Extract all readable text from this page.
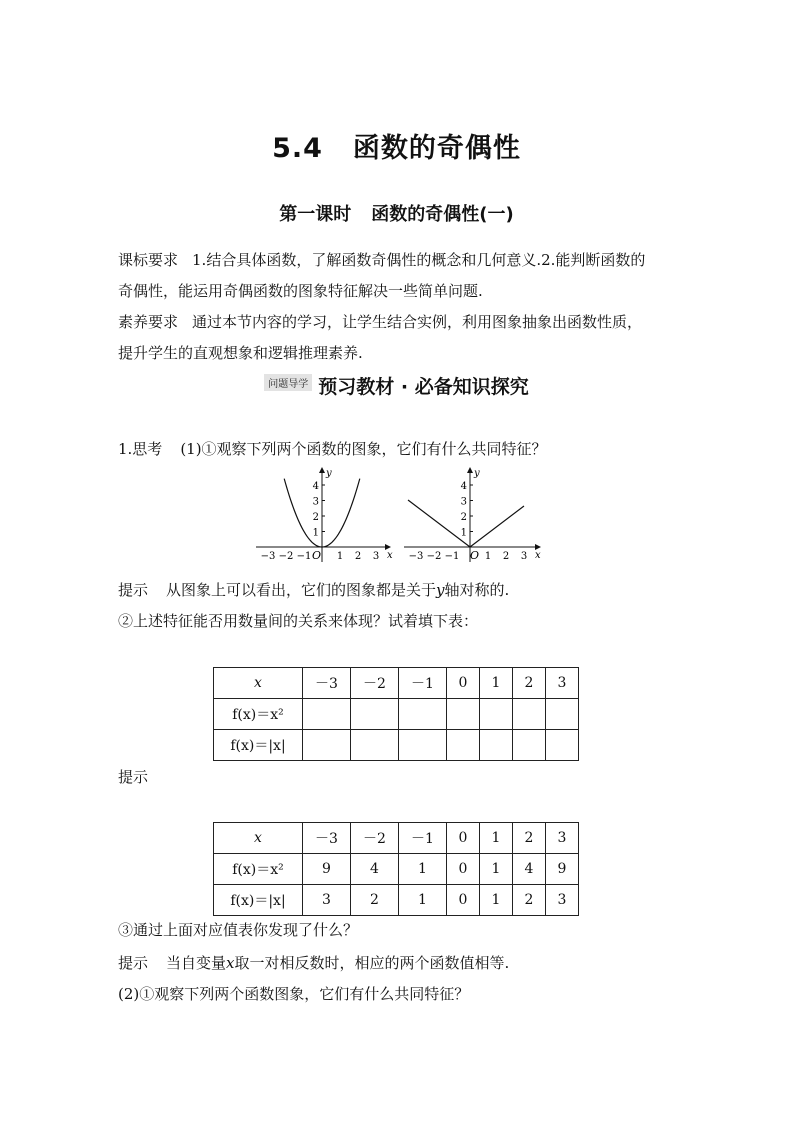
5.4 函数的奇偶性
第一课时 函数的奇偶性(一)
课标要求 1.结合具体函数，了解函数奇偶性的概念和几何意义.2.能判断函数的
奇偶性，能运用奇偶函数的图象特征解决一些简单问题.
素养要求 通过本节内容的学习，让学生结合实例，利用图象抽象出函数性质，
提升学生的直观想象和逻辑推理素养.
问题导学 预习教材 · 必备知识探究
1.思考 (1)①观察下列两个函数的图象，它们有什么共同特征？
−3 −2 −1	1 2 3
1
2
3
4
x
y
O	−3 −2 −1	1 2 3
1
2
3
4
x
y
O
提示 从图象上可以看出，它们的图象都是关于y轴对称的.
②上述特征能否用数量间的关系来体现？试着填下表：
x	－3	－2	－1	0	1	2	3
f(x)＝x²							
f(x)＝|x|							
提示
x	－3	－2	－1	0	1	2	3
f(x)＝x²	9	4	1	0	1	4	9
f(x)＝|x|	3	2	1	0	1	2	3
③通过上面对应值表你发现了什么？
提示 当自变量x取一对相反数时，相应的两个函数值相等.
(2)①观察下列两个函数图象，它们有什么共同特征？
